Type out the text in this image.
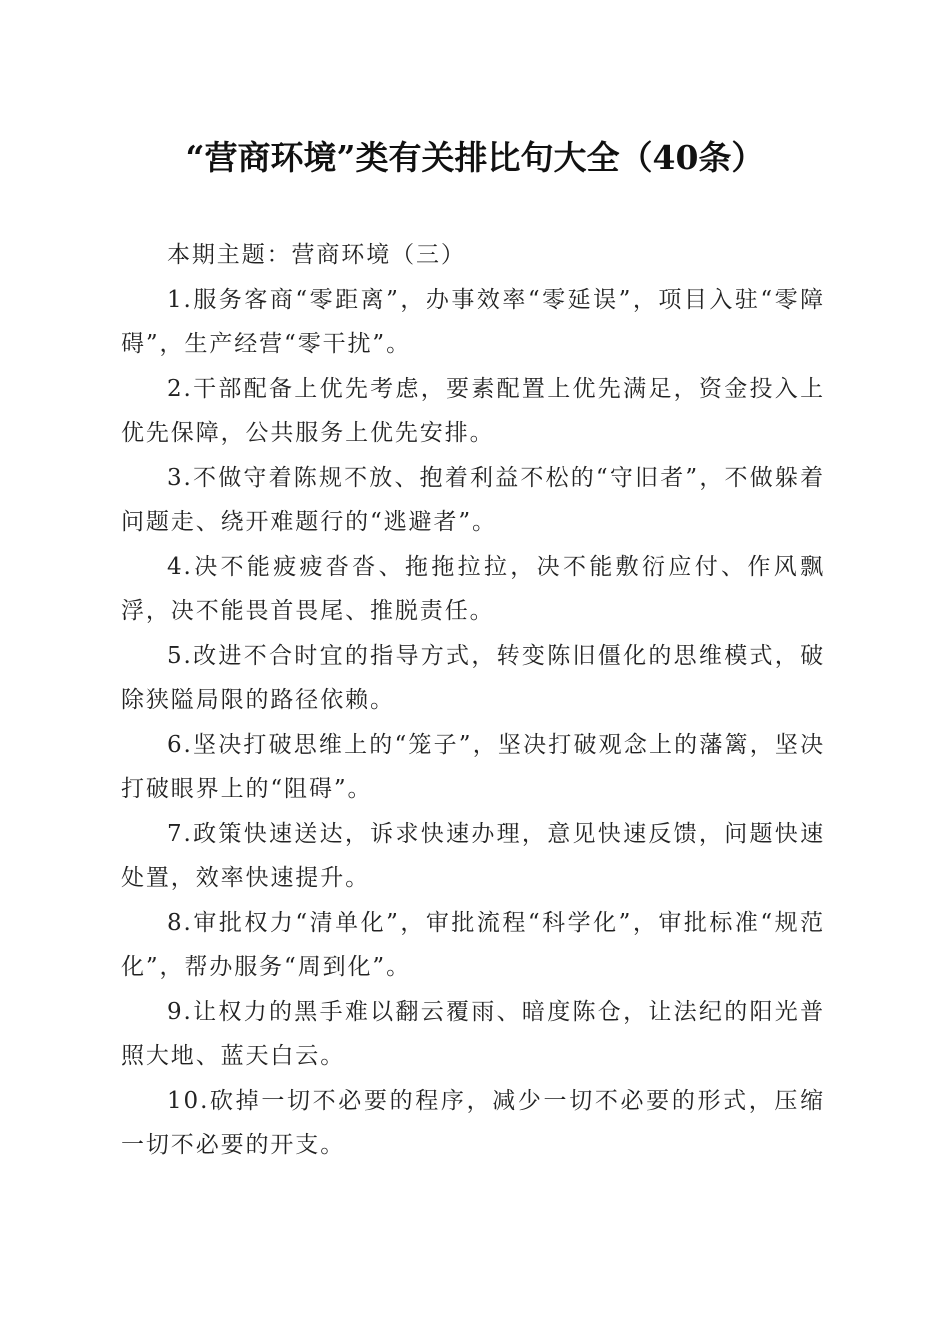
“营商环境”类有关排比句大全（40条）

本期主题：营商环境（三）

1.服务客商“零距离”，办事效率“零延误”，项目入驻“零障碍”，生产经营“零干扰”。

2.干部配备上优先考虑，要素配置上优先满足，资金投入上优先保障，公共服务上优先安排。

3.不做守着陈规不放、抱着利益不松的“守旧者”，不做躲着问题走、绕开难题行的“逃避者”。

4.决不能疲疲沓沓、拖拖拉拉，决不能敷衍应付、作风飘浮，决不能畏首畏尾、推脱责任。

5.改进不合时宜的指导方式，转变陈旧僵化的思维模式，破除狭隘局限的路径依赖。

6.坚决打破思维上的“笼子”，坚决打破观念上的藩篱，坚决打破眼界上的“阻碍”。

7.政策快速送达，诉求快速办理，意见快速反馈，问题快速处置，效率快速提升。

8.审批权力“清单化”，审批流程“科学化”，审批标准“规范化”，帮办服务“周到化”。

9.让权力的黑手难以翻云覆雨、暗度陈仓，让法纪的阳光普照大地、蓝天白云。

10.砍掉一切不必要的程序，减少一切不必要的形式，压缩一切不必要的开支。
